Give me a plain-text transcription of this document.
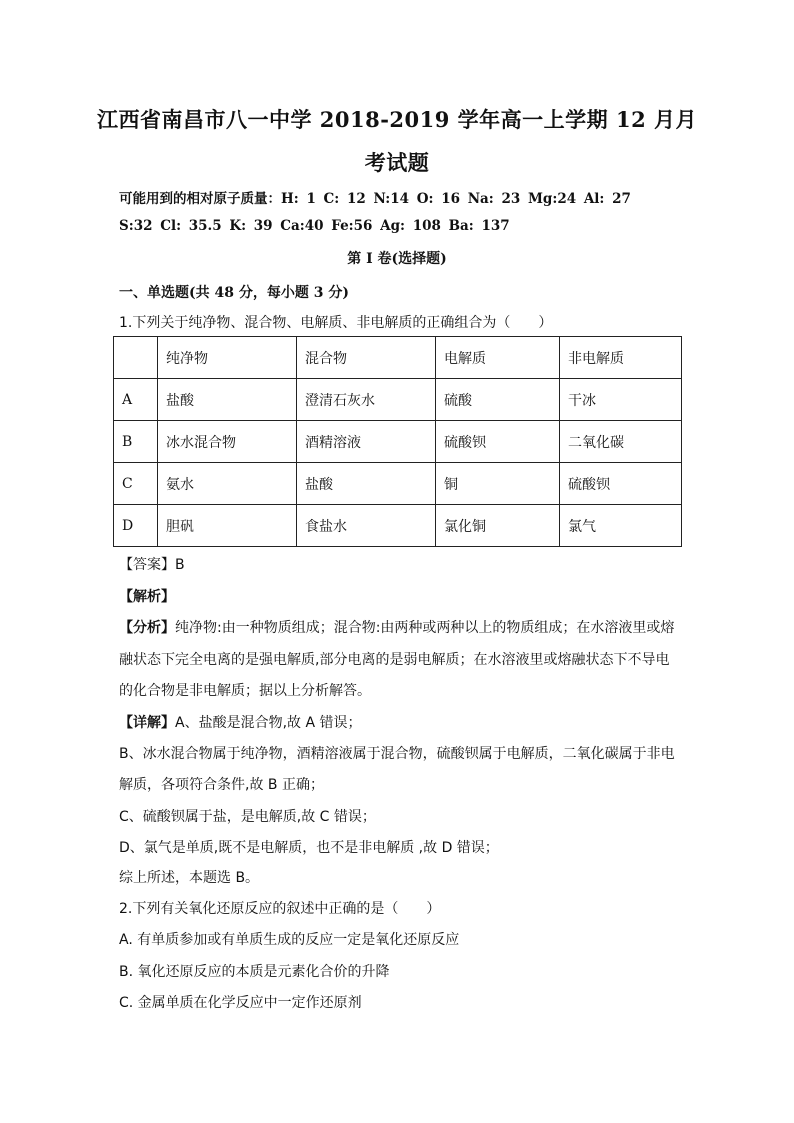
江西省南昌市八一中学 2018-2019 学年高一上学期 12 月月
考试题
可能用到的相对原子质量：H: 1 C: 12 N:14 O: 16 Na: 23 Mg:24 Al: 27
S:32 Cl: 35.5 K: 39 Ca:40 Fe:56 Ag: 108 Ba: 137
第 I 卷(选择题)
一、单选题(共 48 分，每小题 3 分)
1.下列关于纯净物、混合物、电解质、非电解质的正确组合为（　　）
	纯净物	混合物	电解质	非电解质
A	盐酸	澄清石灰水	硫酸	干冰
B	冰水混合物	酒精溶液	硫酸钡	二氧化碳
C	氨水	盐酸	铜	硫酸钡
D	胆矾	食盐水	氯化铜	氯气
【答案】B
【解析】
【分析】纯净物:由一种物质组成；混合物:由两种或两种以上的物质组成；在水溶液里或熔
融状态下完全电离的是强电解质,部分电离的是弱电解质；在水溶液里或熔融状态下不导电
的化合物是非电解质；据以上分析解答。
【详解】A、盐酸是混合物,故 A 错误；
B、冰水混合物属于纯净物，酒精溶液属于混合物，硫酸钡属于电解质，二氧化碳属于非电
解质，各项符合条件,故 B 正确；
C、硫酸钡属于盐，是电解质,故 C 错误；
D、氯气是单质,既不是电解质，也不是非电解质 ,故 D 错误；
综上所述，本题选 B。
2.下列有关氧化还原反应的叙述中正确的是（　　）
A. 有单质参加或有单质生成的反应一定是氧化还原反应
B. 氧化还原反应的本质是元素化合价的升降
C. 金属单质在化学反应中一定作还原剂
